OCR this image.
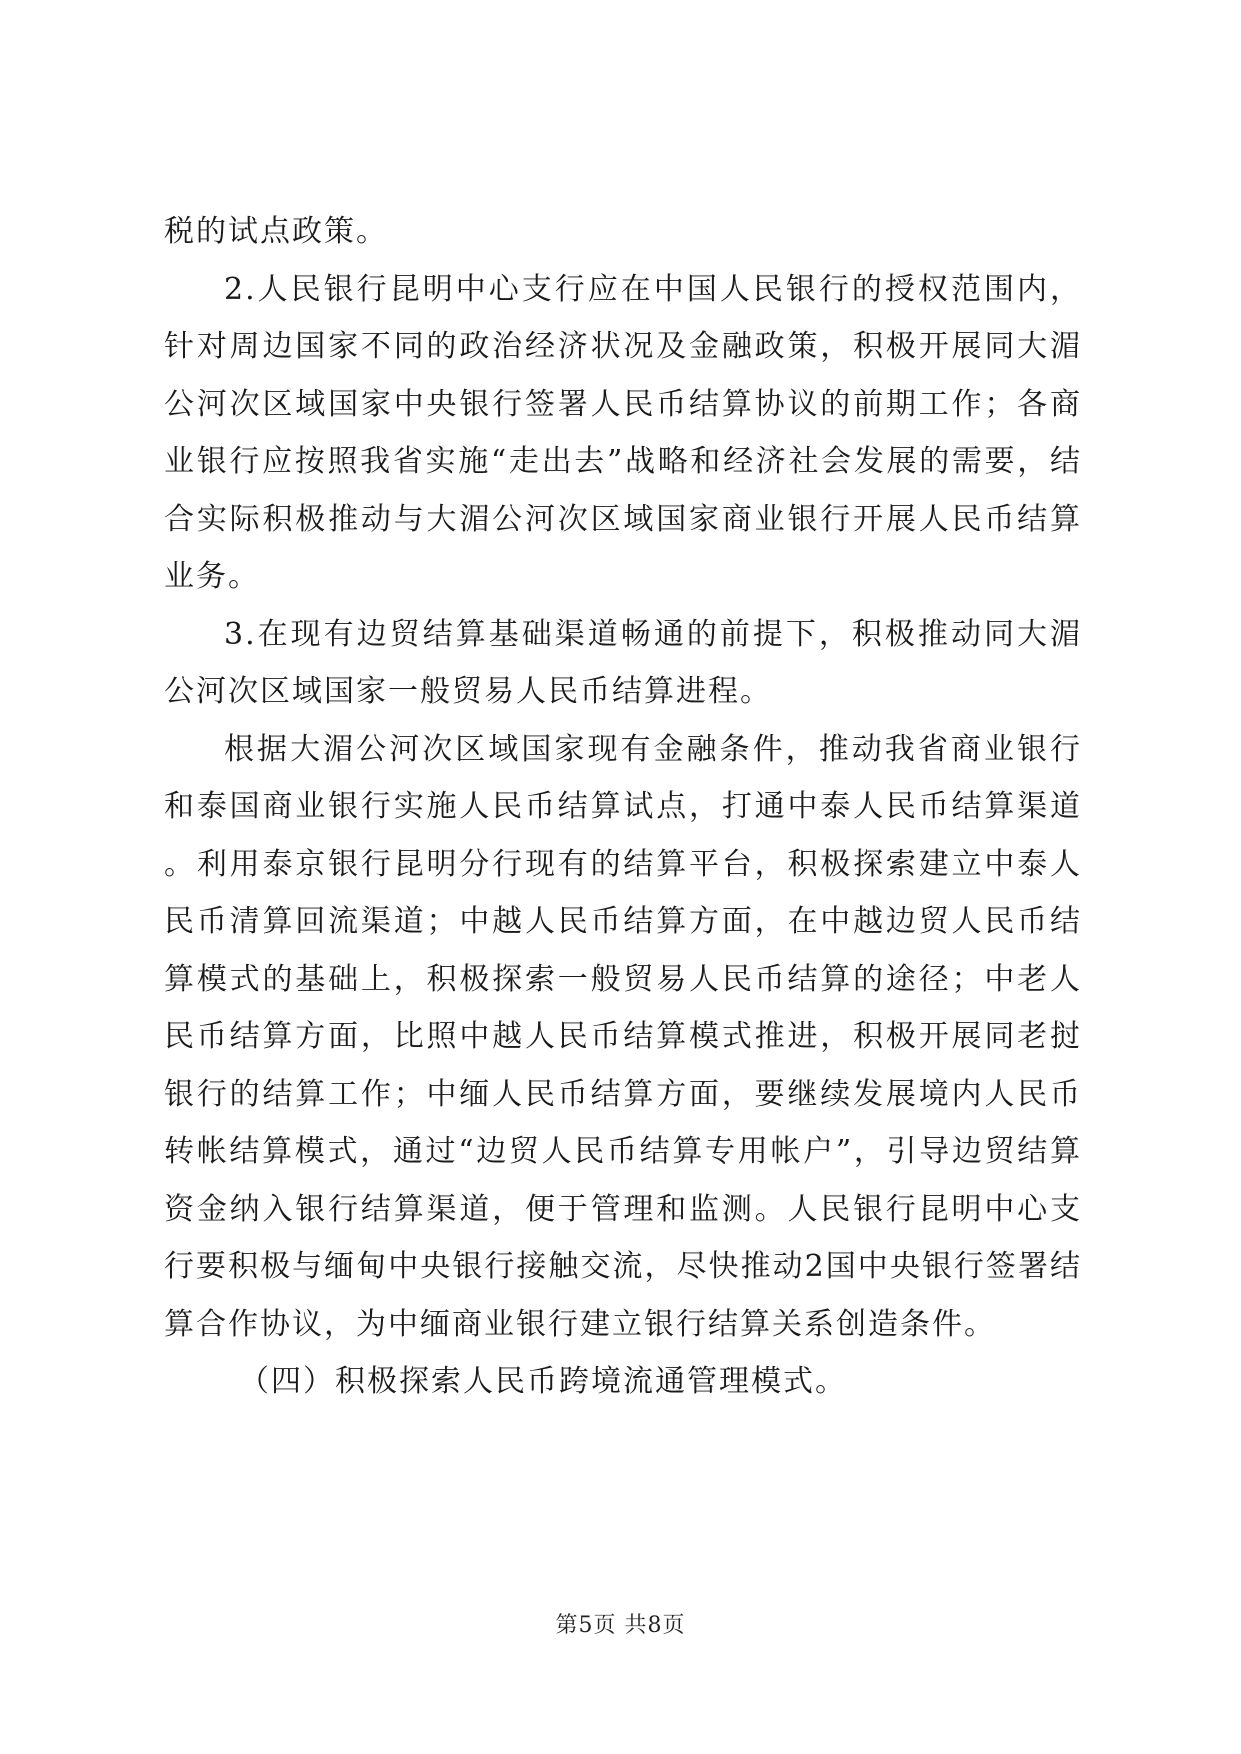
税的试点政策。

2.人民银行昆明中心支行应在中国人民银行的授权范围内，针对周边国家不同的政治经济状况及金融政策，积极开展同大湄公河次区域国家中央银行签署人民币结算协议的前期工作；各商业银行应按照我省实施“走出去”战略和经济社会发展的需要，结合实际积极推动与大湄公河次区域国家商业银行开展人民币结算业务。

3.在现有边贸结算基础渠道畅通的前提下，积极推动同大湄公河次区域国家一般贸易人民币结算进程。

根据大湄公河次区域国家现有金融条件，推动我省商业银行和泰国商业银行实施人民币结算试点，打通中泰人民币结算渠道。利用泰京银行昆明分行现有的结算平台，积极探索建立中泰人民币清算回流渠道；中越人民币结算方面，在中越边贸人民币结算模式的基础上，积极探索一般贸易人民币结算的途径；中老人民币结算方面，比照中越人民币结算模式推进，积极开展同老挝银行的结算工作；中缅人民币结算方面，要继续发展境内人民币转帐结算模式，通过“边贸人民币结算专用帐户”，引导边贸结算资金纳入银行结算渠道，便于管理和监测。人民银行昆明中心支行要积极与缅甸中央银行接触交流，尽快推动2国中央银行签署结算合作协议，为中缅商业银行建立银行结算关系创造条件。

（四）积极探索人民币跨境流通管理模式。

第5页 共8页
